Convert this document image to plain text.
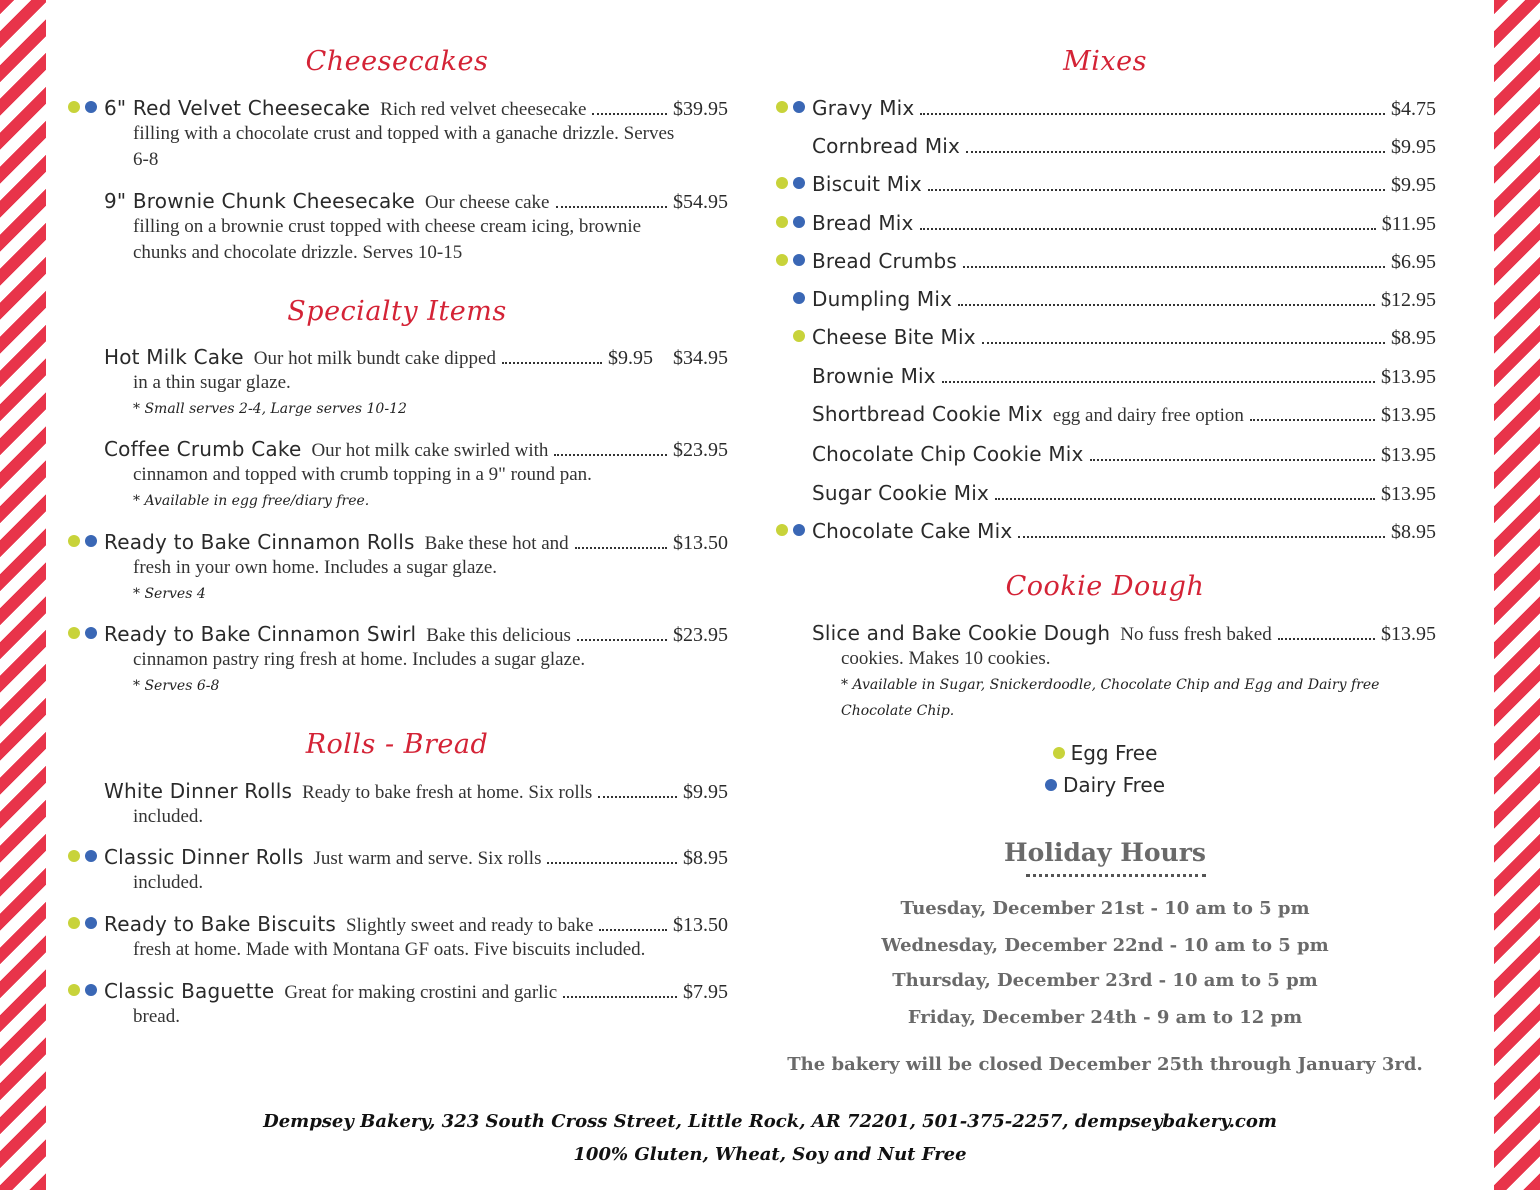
Cheesecakes
6" Red Velvet Cheesecake Rich red velvet cheesecake	$39.95
filling with a chocolate crust and topped with a ganache drizzle. Serves
6-8
9" Brownie Chunk Cheesecake Our cheese cake	$54.95
filling on a brownie crust topped with cheese cream icing, brownie
chunks and chocolate drizzle. Serves 10-15
Specialty Items
Hot Milk Cake Our hot milk bundt cake dipped	$9.95 $34.95
in a thin sugar glaze.
* Small serves 2-4, Large serves 10-12
Coffee Crumb Cake Our hot milk cake swirled with	$23.95
cinnamon and topped with crumb topping in a 9" round pan.
* Available in egg free/diary free.
Ready to Bake Cinnamon Rolls Bake these hot and	$13.50
fresh in your own home. Includes a sugar glaze.
* Serves 4
Ready to Bake Cinnamon Swirl Bake this delicious	$23.95
cinnamon pastry ring fresh at home. Includes a sugar glaze.
* Serves 6-8
Rolls - Bread
White Dinner Rolls Ready to bake fresh at home. Six rolls	$9.95
included.
Classic Dinner Rolls Just warm and serve. Six rolls	$8.95
included.
Ready to Bake Biscuits Slightly sweet and ready to bake	$13.50
fresh at home. Made with Montana GF oats. Five biscuits included.
Classic Baguette Great for making crostini and garlic	$7.95
bread.
Mixes
Gravy Mix	$4.75
Cornbread Mix	$9.95
Biscuit Mix	$9.95
Bread Mix	$11.95
Bread Crumbs	$6.95
Dumpling Mix	$12.95
Cheese Bite Mix	$8.95
Brownie Mix	$13.95
Shortbread Cookie Mix egg and dairy free option	$13.95
Chocolate Chip Cookie Mix	$13.95
Sugar Cookie Mix	$13.95
Chocolate Cake Mix	$8.95
Cookie Dough
Slice and Bake Cookie Dough No fuss fresh baked	$13.95
cookies. Makes 10 cookies.
* Available in Sugar, Snickerdoodle, Chocolate Chip and Egg and Dairy free
Chocolate Chip.
Egg Free
Dairy Free
Holiday Hours
Tuesday, December 21st - 10 am to 5 pm
Wednesday, December 22nd - 10 am to 5 pm
Thursday, December 23rd - 10 am to 5 pm
Friday, December 24th - 9 am to 12 pm
The bakery will be closed December 25th through January 3rd.
Dempsey Bakery, 323 South Cross Street, Little Rock, AR 72201, 501-375-2257, dempseybakery.com
100% Gluten, Wheat, Soy and Nut Free
